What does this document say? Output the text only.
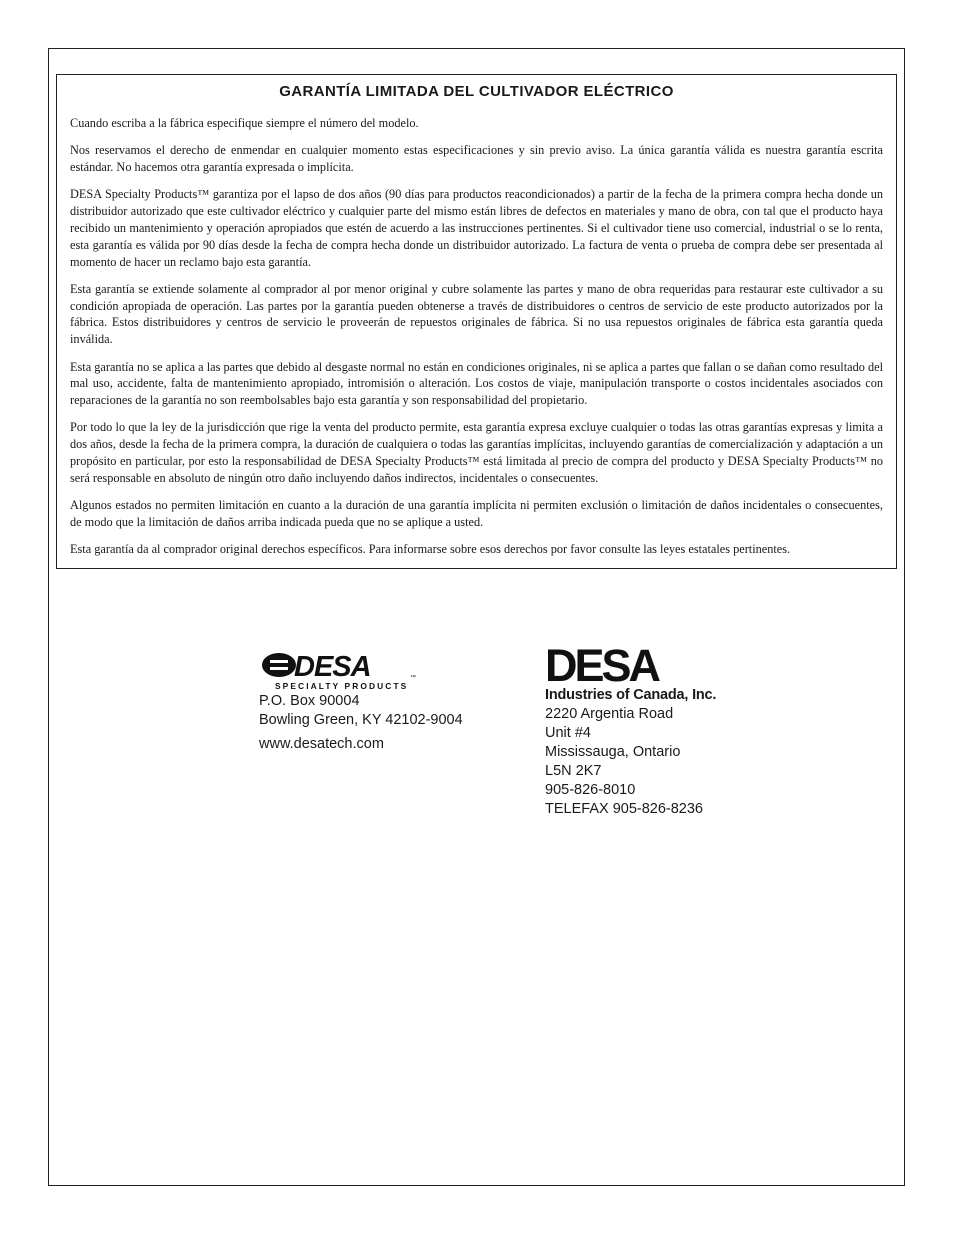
GARANTÍA LIMITADA DEL CULTIVADOR ELÉCTRICO

Cuando escriba a la fábrica especifique siempre el número del modelo.

Nos reservamos el derecho de enmendar en cualquier momento estas especificaciones y sin previo aviso. La única garantía válida es nuestra garantía escrita estándar. No hacemos otra garantía expresada o implícita.

DESA Specialty Products™ garantiza por el lapso de dos años (90 días para productos reacondicionados) a partir de la fecha de la primera compra hecha donde un distribuidor autorizado que este cultivador eléctrico y cualquier parte del mismo están libres de defectos en materiales y mano de obra, con tal que el producto haya recibido un mantenimiento y operación apropiados que estén de acuerdo a las instrucciones pertinentes. Si el cultivador tiene uso comercial, industrial o se lo renta, esta garantía es válida por 90 días desde la fecha de compra hecha donde un distribuidor autorizado. La factura de venta o prueba de compra debe ser presentada al momento de hacer un reclamo bajo esta garantía.

Esta garantía se extiende solamente al comprador al por menor original y cubre solamente las partes y mano de obra requeridas para restaurar este cultivador a su condición apropiada de operación. Las partes por la garantía pueden obtenerse a través de distribuidores o centros de servicio de este producto autorizados por la fábrica. Estos distribuidores y centros de servicio le proveerán de repuestos originales de fábrica. Si no usa repuestos originales de fábrica esta garantía queda inválida.

Esta garantía no se aplica a las partes que debido al desgaste normal no están en condiciones originales, ni se aplica a partes que fallan o se dañan como resultado del mal uso, accidente, falta de mantenimiento apropiado, intromisión o alteración. Los costos de viaje, manipulación transporte o costos incidentales asociados con reparaciones de la garantía no son reembolsables bajo esta garantía y son responsabilidad del propietario.

Por todo lo que la ley de la jurisdicción que rige la venta del producto permite, esta garantía expresa excluye cualquier o todas las otras garantías expresas y limita a dos años, desde la fecha de la primera compra, la duración de cualquiera o todas las garantías implícitas, incluyendo garantías de comercialización y adaptación a un propósito en particular, por esto la responsabilidad de DESA Specialty Products™ está limitada al precio de compra del producto y DESA Specialty Products™ no será responsable en absoluto de ningún otro daño incluyendo daños indirectos, incidentales o consecuentes.

Algunos estados no permiten limitación en cuanto a la duración de una garantía implícita ni permiten exclusión o limitación de daños incidentales o consecuentes, de modo que la limitación de daños arriba indicada pueda que no se aplique a usted.

Esta garantía da al comprador original derechos específicos. Para informarse sobre esos derechos por favor consulte las leyes estatales pertinentes.

DESA	™
SPECIALTY PRODUCTS
P.O. Box 90004
Bowling Green, KY 42102-9004
www.desatech.com
DESA
Industries of Canada, Inc.
2220 Argentia Road
Unit #4
Mississauga, Ontario
L5N 2K7
905-826-8010
TELEFAX 905-826-8236
